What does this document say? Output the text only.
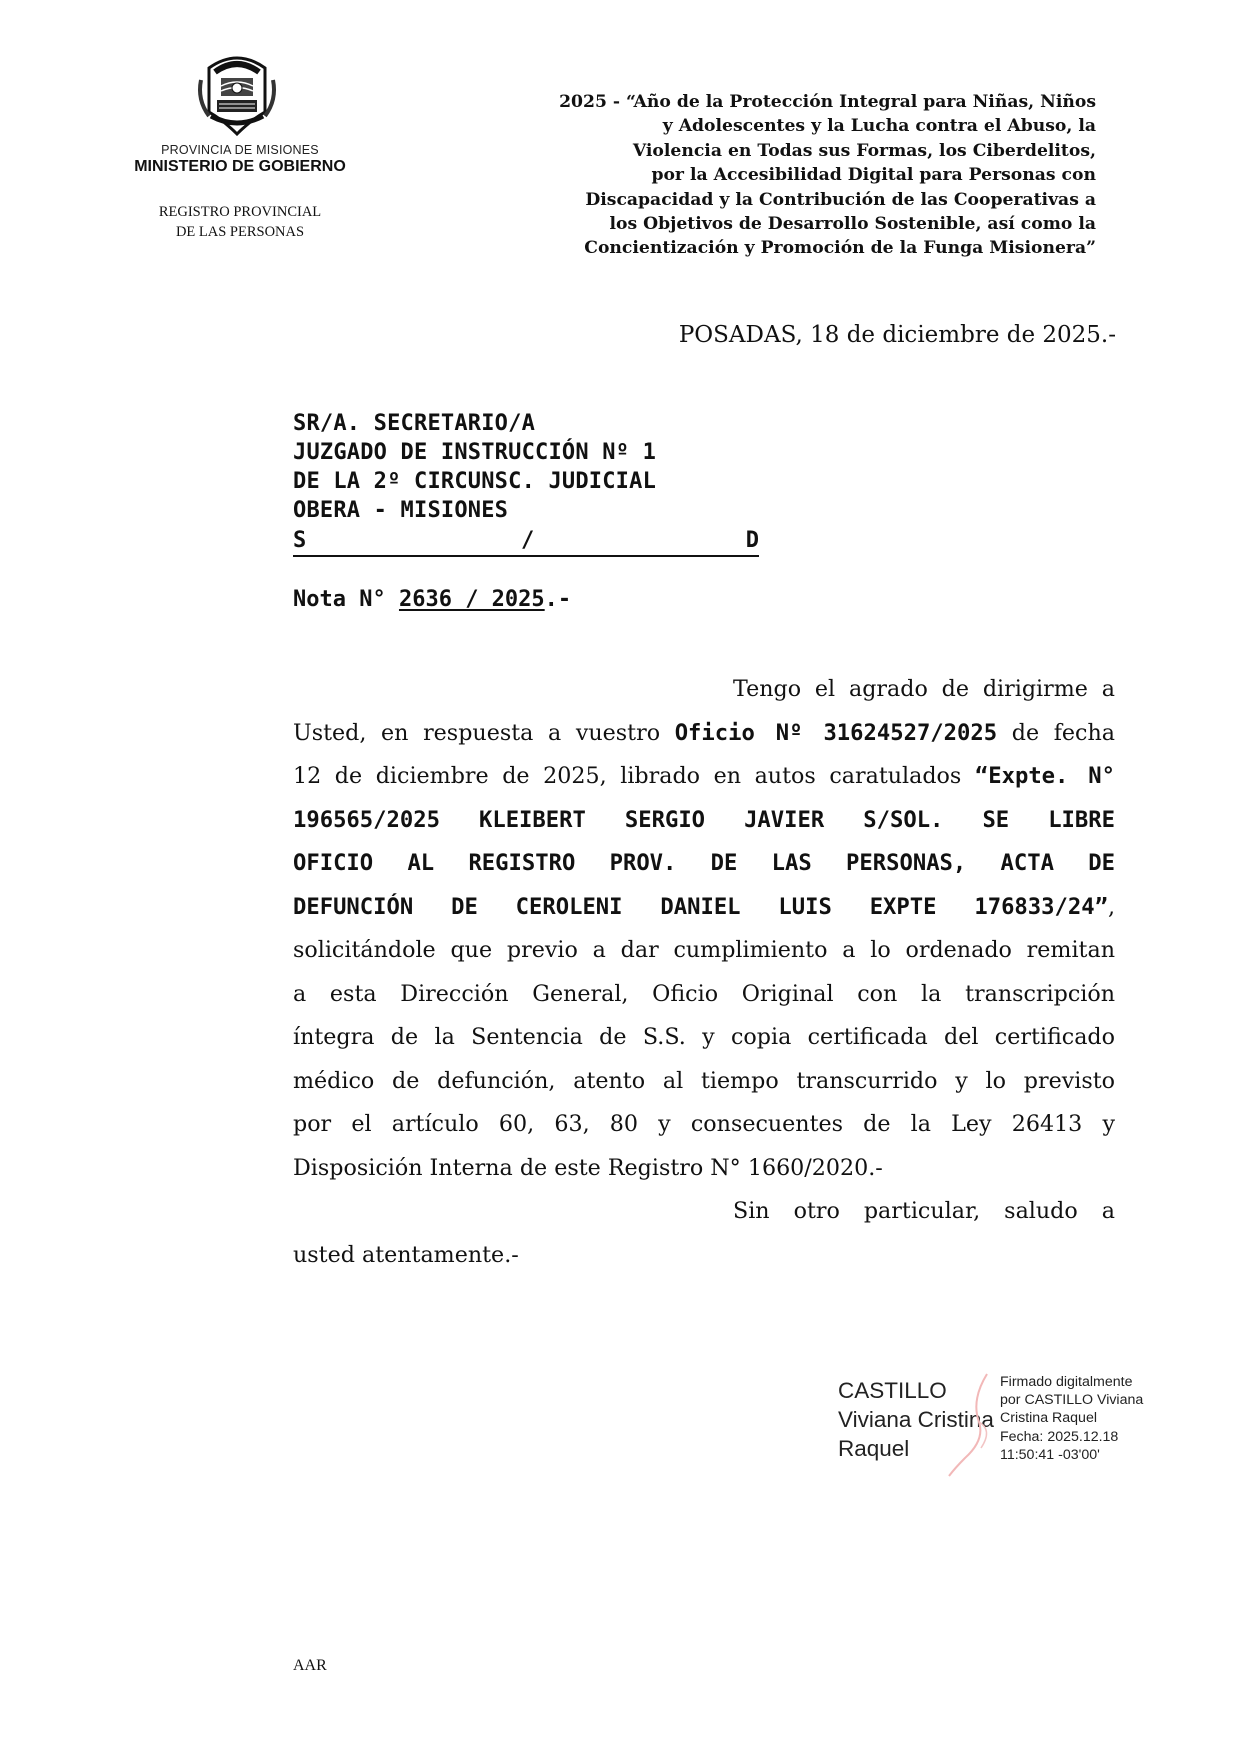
PROVINCIA DE MISIONES
MINISTERIO DE GOBIERNO
REGISTRO PROVINCIAL
DE LAS PERSONAS
2025 - “Año de la Protección Integral para Niñas, Niños
y Adolescentes y la Lucha contra el Abuso, la
Violencia en Todas sus Formas, los Ciberdelitos,
por la Accesibilidad Digital para Personas con
Discapacidad y la Contribución de las Cooperativas a
los Objetivos de Desarrollo Sostenible, así como la
Concientización y Promoción de la Funga Misionera”
POSADAS, 18 de diciembre de 2025.-
SR/A. SECRETARIO/A
JUZGADO DE INSTRUCCIÓN Nº 1
DE LA 2º CIRCUNSC. JUDICIAL
OBERA - MISIONES
S	/	D
Nota N° 2636 / 2025.-
Tengo el agrado de dirigirme a
Usted, en respuesta a vuestro Oficio Nº 31624527/2025 de fecha
12 de diciembre de 2025, librado en autos caratulados “Expte. N°
196565/2025 KLEIBERT SERGIO JAVIER S/SOL. SE LIBRE
OFICIO AL REGISTRO PROV. DE LAS PERSONAS, ACTA DE
DEFUNCIÓN DE CEROLENI DANIEL LUIS EXPTE 176833/24”,
solicitándole que previo a dar cumplimiento a lo ordenado remitan
a esta Dirección General, Oficio Original con la transcripción
íntegra de la Sentencia de S.S. y copia certificada del certificado
médico de defunción, atento al tiempo transcurrido y lo previsto
por el artículo 60, 63, 80 y consecuentes de la Ley 26413 y
Disposición Interna de este Registro N° 1660/2020.-
Sin otro particular, saludo a
usted atentamente.-
CASTILLO
Viviana Cristina
Raquel
Firmado digitalmente
por CASTILLO Viviana
Cristina Raquel
Fecha: 2025.12.18
11:50:41 -03'00'
AAR
